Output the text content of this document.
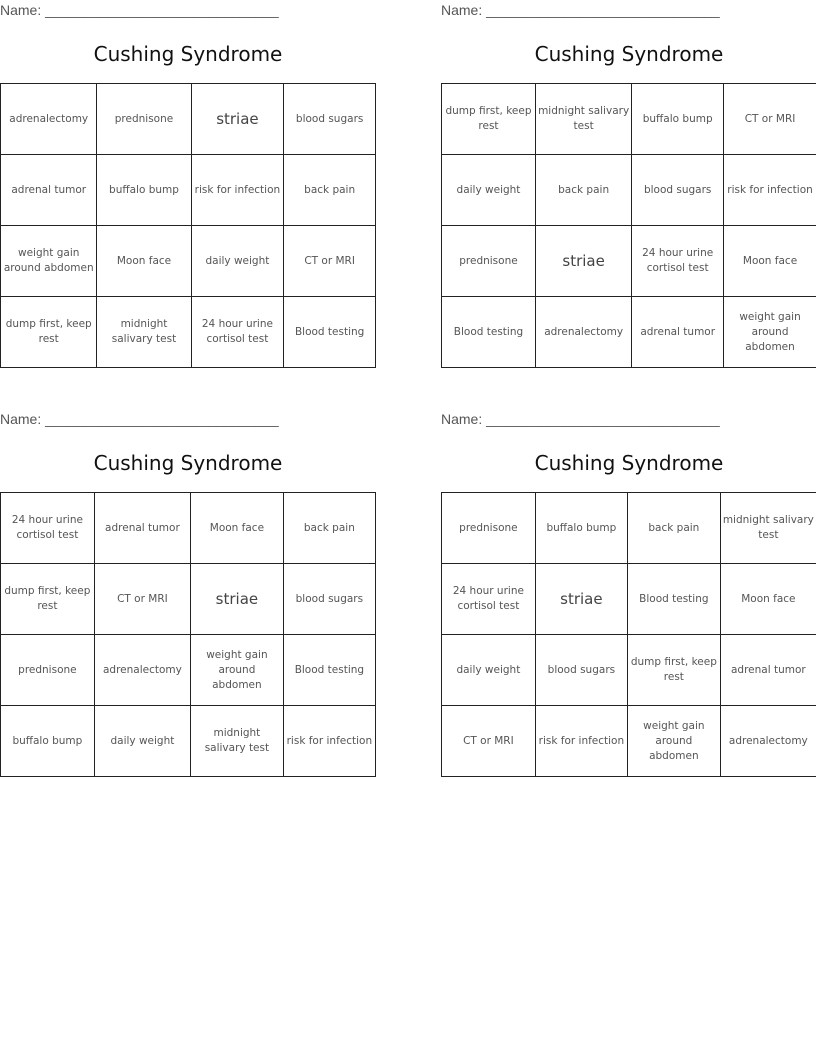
Name: ______________________________
Cushing Syndrome
adrenalectomy	prednisone	striae	blood sugars
adrenal tumor	buffalo bump	risk for infection	back pain
weight gain around abdomen	Moon face	daily weight	CT or MRI
dump first, keep rest	midnight salivary test	24 hour urine cortisol test	Blood testing
Name: ______________________________
Cushing Syndrome
dump first, keep rest	midnight salivary test	buffalo bump	CT or MRI
daily weight	back pain	blood sugars	risk for infection
prednisone	striae	24 hour urine cortisol test	Moon face
Blood testing	adrenalectomy	adrenal tumor	weight gain around abdomen
Name: ______________________________
Cushing Syndrome
24 hour urine cortisol test	adrenal tumor	Moon face	back pain
dump first, keep rest	CT or MRI	striae	blood sugars
prednisone	adrenalectomy	weight gain around abdomen	Blood testing
buffalo bump	daily weight	midnight salivary test	risk for infection
Name: ______________________________
Cushing Syndrome
prednisone	buffalo bump	back pain	midnight salivary test
24 hour urine cortisol test	striae	Blood testing	Moon face
daily weight	blood sugars	dump first, keep rest	adrenal tumor
CT or MRI	risk for infection	weight gain around abdomen	adrenalectomy
